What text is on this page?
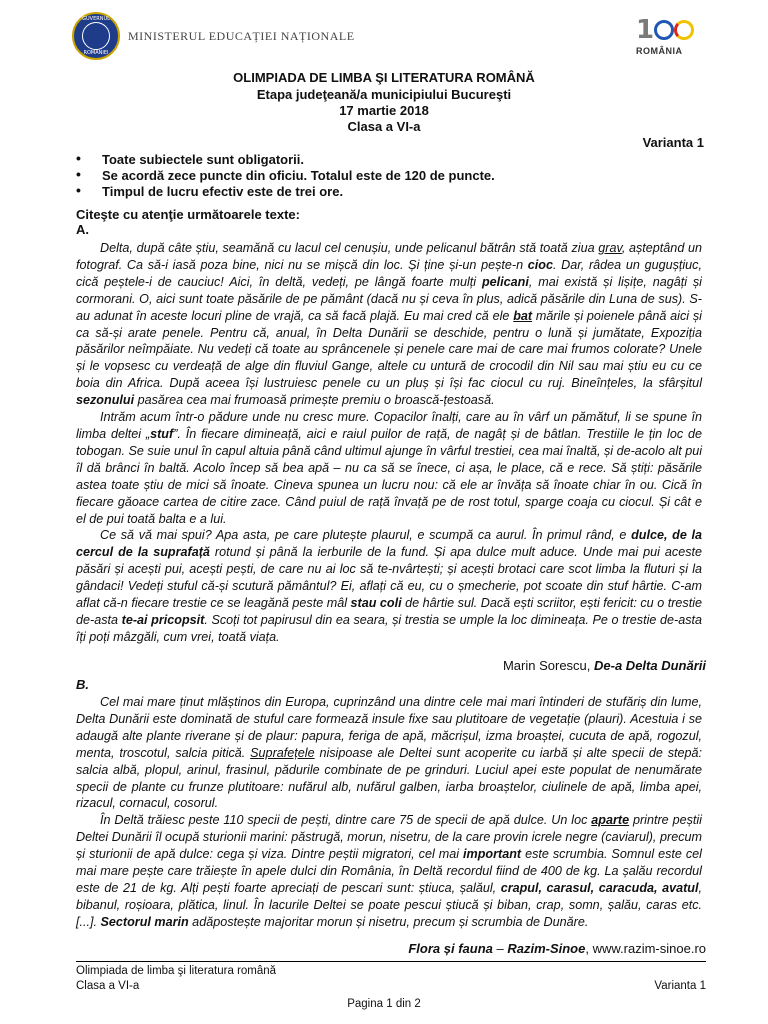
GUVERNUL
ROMÂNIEI
MINISTERUL EDUCAȚIEI NAȚIONALE	1
ROMÂNIA
OLIMPIADA DE LIMBA ŞI LITERATURA ROMÂNĂ
Etapa judeţeană/a municipiului Bucureşti
17 martie 2018
Clasa a VI-a
Varianta 1
• Toate subiectele sunt obligatorii.
• Se acordă zece puncte din oficiu. Totalul este de 120 de puncte.
• Timpul de lucru efectiv este de trei ore.
Citeşte cu atenţie următoarele texte:
A.

Delta, după câte știu, seamănă cu lacul cel cenușiu, unde pelicanul bătrân stă toată ziua grav, așteptând un fotograf. Ca să-i iasă poza bine, nici nu se mișcă din loc. Și ține și-un pește-n cioc. Dar, râdea un gugușțiuc, cică peștele-i de cauciuc! Aici, în deltă, vedeți, pe lângă foarte mulți pelicani, mai există și lișițe, nagâți și cormorani. O, aici sunt toate păsările de pe pământ (dacă nu și ceva în plus, adică păsările din Luna de sus). S-au adunat în aceste locuri pline de vrajă, ca să facă plajă. Eu mai cred că ele bat mările și poienele până aici și ca să-și arate penele. Pentru că, anual, în Delta Dunării se deschide, pentru o lună și jumătate, Expoziția păsărilor neîmpăiate. Nu vedeți că toate au sprâncenele și penele care mai de care mai frumos colorate? Unele și le vopsesc cu verdeață de alge din fluviul Gange, altele cu untură de crocodil din Nil sau mai știu eu cu ce boia din Africa. După aceea își lustruiesc penele cu un pluș și își fac ciocul cu ruj. Bineînțeles, la sfârșitul sezonului pasărea cea mai frumoasă primește premiu o broască-țestoasă.

Intrăm acum într-o pădure unde nu cresc mure. Copacilor înalți, care au în vârf un pămătuf, li se spune în limba deltei „stuf”. În fiecare dimineață, aici e raiul puilor de rață, de nagâț și de bâtlan. Trestiile le țin loc de tobogan. Se suie unul în capul altuia până când ultimul ajunge în vârful trestiei, cea mai înaltă, și de-acolo alt pui îl dă brânci în baltă. Acolo încep să bea apă – nu ca să se înece, ci așa, le place, că e rece. Să știți: păsările astea toate știu de mici să înoate. Cineva spunea un lucru nou: că ele ar învăța să înoate chiar în ou. Cică în fiecare găoace cartea de citire zace. Când puiul de rață învață pe de rost totul, sparge coaja cu ciocul. Și cât e el de pui toată balta e a lui.

Ce să vă mai spui? Apa asta, pe care plutește plaurul, e scumpă ca aurul. În primul rând, e dulce, de la cercul de la suprafață rotund și până la ierburile de la fund. Și apa dulce mult aduce. Unde mai pui aceste păsări și acești pui, acești pești, de care nu ai loc să te-nvârtești; și acești brotaci care scot limba la fluturi și la gândaci! Vedeți stuful că-și scutură pământul? Ei, aflați că eu, cu o șmecherie, pot scoate din stuf hârtie. C-am aflat că-n fiecare trestie ce se leagănă peste mâl stau coli de hârtie sul. Dacă ești scriitor, ești fericit: cu o trestie de-asta te-ai pricopsit. Scoți tot papirusul din ea seara, și trestia se umple la loc dimineața. Pe o trestie de-asta îți poți mâzgăli, cum vrei, toată viața.

Marin Sorescu, De-a Delta Dunării
B.

Cel mai mare ținut mlăștinos din Europa, cuprinzând una dintre cele mai mari întinderi de stufăriș din lume, Delta Dunării este dominată de stuful care formează insule fixe sau plutitoare de vegetație (plauri). Acestuia i se adaugă alte plante riverane și de plaur: papura, feriga de apă, măcrișul, izma broaștei, cucuta de apă, rogozul, menta, troscotul, salcia pitică. Suprafețele nisipoase ale Deltei sunt acoperite cu iarbă și alte specii de stepă: salcia albă, plopul, arinul, frasinul, pădurile combinate de pe grinduri. Luciul apei este populat de nenumărate specii de plante cu frunze plutitoare: nufărul alb, nufărul galben, iarba broaștelor, ciulinele de apă, limba apei, rizacul, cornacul, cosorul.

În Deltă trăiesc peste 110 specii de pești, dintre care 75 de specii de apă dulce. Un loc aparte printre peștii Deltei Dunării îl ocupă sturionii marini: păstrugă, morun, nisetru, de la care provin icrele negre (caviarul), precum și sturionii de apă dulce: cega și viza. Dintre peștii migratori, cel mai important este scrumbia. Somnul este cel mai mare pește care trăiește în apele dulci din România, în Deltă recordul fiind de 400 de kg. La șalău recordul este de 21 de kg. Alți pești foarte apreciați de pescari sunt: știuca, șalăul, crapul, carasul, caracuda, avatul, bibanul, roșioara, plătica, linul. În lacurile Deltei se poate pescui știucă și biban, crap, somn, șalău, caras etc. [...]. Sectorul marin adăpostește majoritar morun și nisetru, precum și scrumbia de Dunăre.

Flora și fauna – Razim-Sinoe, www.razim-sinoe.ro
Olimpiada de limba şi literatura română
Clasa a VI-a	Varianta 1
Pagina 1 din 2
